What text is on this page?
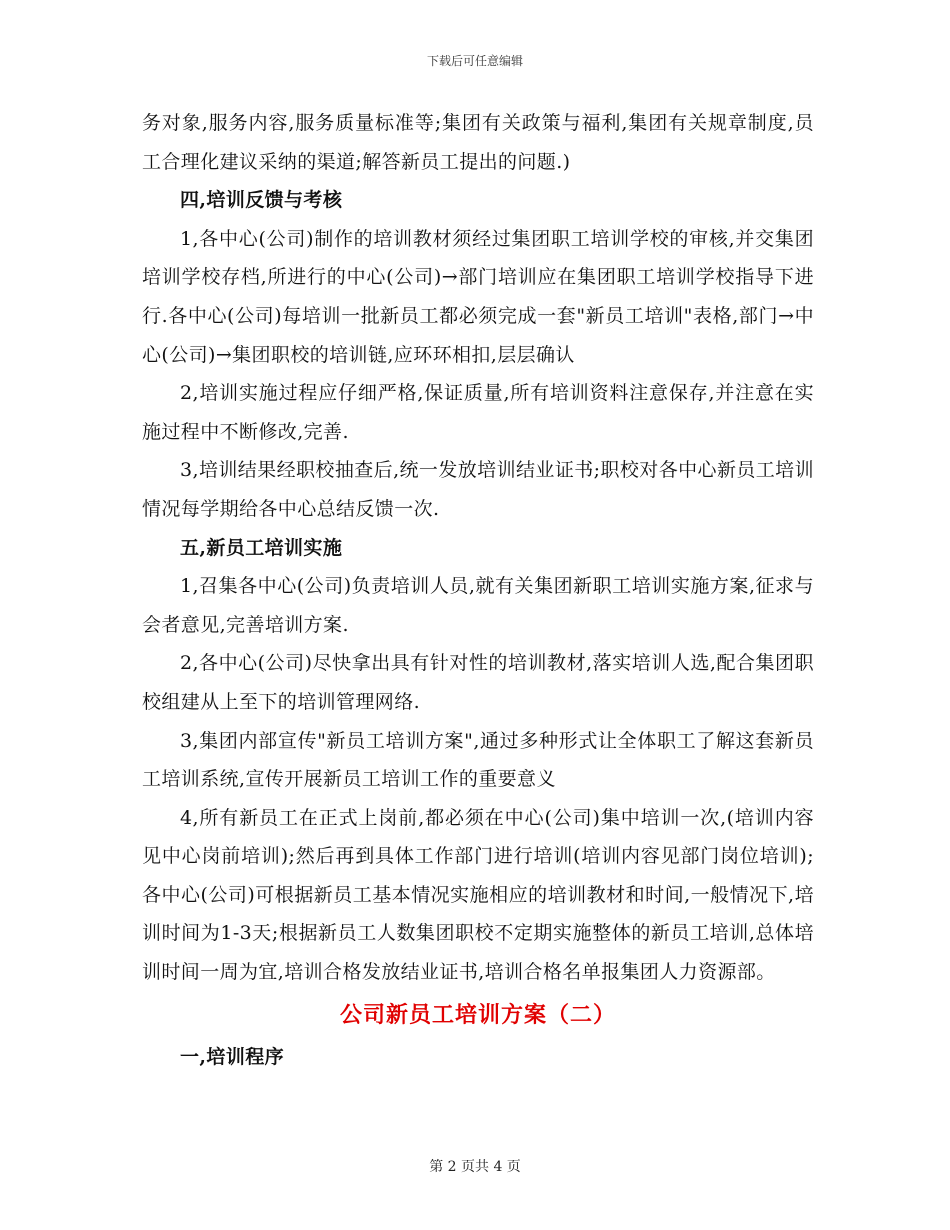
下载后可任意编辑

务对象,服务内容,服务质量标准等;集团有关政策与福利,集团有关规章制度,员工合理化建议采纳的渠道;解答新员工提出的问题.)

四,培训反馈与考核

1,各中心(公司)制作的培训教材须经过集团职工培训学校的审核,并交集团培训学校存档,所进行的中心(公司)→部门培训应在集团职工培训学校指导下进行.各中心(公司)每培训一批新员工都必须完成一套"新员工培训"表格,部门→中心(公司)→集团职校的培训链,应环环相扣,层层确认

2,培训实施过程应仔细严格,保证质量,所有培训资料注意保存,并注意在实施过程中不断修改,完善.

3,培训结果经职校抽查后,统一发放培训结业证书;职校对各中心新员工培训情况每学期给各中心总结反馈一次.

五,新员工培训实施

1,召集各中心(公司)负责培训人员,就有关集团新职工培训实施方案,征求与会者意见,完善培训方案.

2,各中心(公司)尽快拿出具有针对性的培训教材,落实培训人选,配合集团职校组建从上至下的培训管理网络.

3,集团内部宣传"新员工培训方案",通过多种形式让全体职工了解这套新员工培训系统,宣传开展新员工培训工作的重要意义

4,所有新员工在正式上岗前,都必须在中心(公司)集中培训一次,(培训内容见中心岗前培训);然后再到具体工作部门进行培训(培训内容见部门岗位培训);各中心(公司)可根据新员工基本情况实施相应的培训教材和时间,一般情况下,培训时间为1-3天;根据新员工人数集团职校不定期实施整体的新员工培训,总体培训时间一周为宜,培训合格发放结业证书,培训合格名单报集团人力资源部。

公司新员工培训方案（二）

一,培训程序

第 2 页共 4 页
